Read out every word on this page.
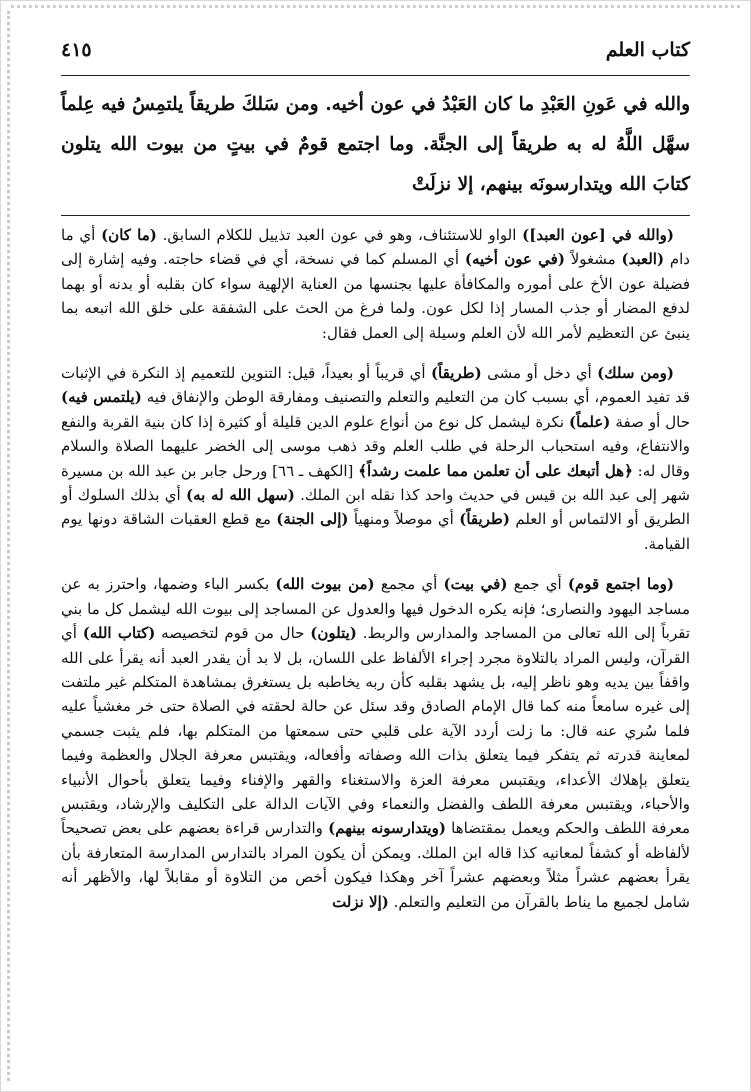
كتاب العلم
٤١٥
والله في عَونِ العَبْدِ ما كان العَبْدُ في عون أخيه. ومن سَلكَ طريقاً يلتمِسُ فيه عِلماً سهَّل اللَّهُ له به طريقاً إلى الجنَّة. وما اجتمع قومٌ في بيتٍ من بيوت الله يتلون كتابَ الله ويتدارسونَه بينهم، إلا نزلَتْ

(والله في [عون العبد]) الواو للاستئناف، وهو في عون العبد تذييل للكلام السابق. (ما كان) أي ما دام (العبد) مشغولاً (في عون أخيه) أي المسلم كما في نسخة، أي في قضاء حاجته. وفيه إشارة إلى فضيلة عون الأخ على أموره والمكافأة عليها بجنسها من العناية الإلهية سواء كان بقلبه أو بدنه أو بهما لدفع المضار أو جذب المسار إذا لكل عون. ولما فرغ من الحث على الشفقة على خلق الله اتبعه بما ينبئ عن التعظيم لأمر الله لأن العلم وسيلة إلى العمل فقال:

(ومن سلك) أي دخل أو مشى (طريقاً) أي قريباً أو بعيداً، قيل: التنوين للتعميم إذ النكرة في الإثبات قد تفيد العموم، أي بسبب كان من التعليم والتعلم والتصنيف ومفارقة الوطن والإنفاق فيه (يلتمس فيه) حال أو صفة (علماً) نكرة ليشمل كل نوع من أنواع علوم الدين قليلة أو كثيرة إذا كان بنية القربة والنفع والانتفاع، وفيه استحباب الرحلة في طلب العلم وقد ذهب موسى إلى الخضر عليهما الصلاة والسلام وقال له: ﴿هل أتبعك على أن تعلمن مما علمت رشداً﴾ [الكهف ـ ٦٦] ورحل جابر بن عبد الله بن مسيرة شهر إلى عبد الله بن قيس في حديث واحد كذا نقله ابن الملك. (سهل الله له به) أي بذلك السلوك أو الطريق أو الالتماس أو العلم (طريقاً) أي موصلاً ومنهياً (إلى الجنة) مع قطع العقبات الشاقة دونها يوم القيامة.

(وما اجتمع قوم) أي جمع (في بيت) أي مجمع (من بيوت الله) بكسر الباء وضمها، واحترز به عن مساجد اليهود والنصارى؛ فإنه يكره الدخول فيها والعدول عن المساجد إلى بيوت الله ليشمل كل ما بني تقرباً إلى الله تعالى من المساجد والمدارس والربط. (يتلون) حال من قوم لتخصيصه (كتاب الله) أي القرآن، وليس المراد بالتلاوة مجرد إجراء الألفاظ على اللسان، بل لا بد أن يقدر العبد أنه يقرأ على الله واقفاً بين يديه وهو ناظر إليه، بل يشهد بقلبه كأن ربه يخاطبه بل يستغرق بمشاهدة المتكلم غير ملتفت إلى غيره سامعاً منه كما قال الإمام الصادق وقد سئل عن حالة لحقته في الصلاة حتى خر مغشياً عليه فلما سُري عنه قال: ما زلت أردد الآية على قلبي حتى سمعتها من المتكلم بها، فلم يثبت جسمي لمعاينة قدرته ثم يتفكر فيما يتعلق بذات الله وصفاته وأفعاله، ويقتبس معرفة الجلال والعظمة وفيما يتعلق بإهلاك الأعداء، ويقتبس معرفة العزة والاستغناء والقهر والإفناء وفيما يتعلق بأحوال الأنبياء والأحباء، ويقتبس معرفة اللطف والفضل والنعماء وفي الآيات الدالة على التكليف والإرشاد، ويقتبس معرفة اللطف والحكم ويعمل بمقتضاها (ويتدارسونه بينهم) والتدارس قراءة بعضهم على بعض تصحيحاً لألفاظه أو كشفاً لمعانيه كذا قاله ابن الملك. ويمكن أن يكون المراد بالتدارس المدارسة المتعارفة بأن يقرأ بعضهم عشراً مثلاً وبعضهم عشراً آخر وهكذا فيكون أخص من التلاوة أو مقابلاً لها، والأظهر أنه شامل لجميع ما يناط بالقرآن من التعليم والتعلم. (إلا نزلت
